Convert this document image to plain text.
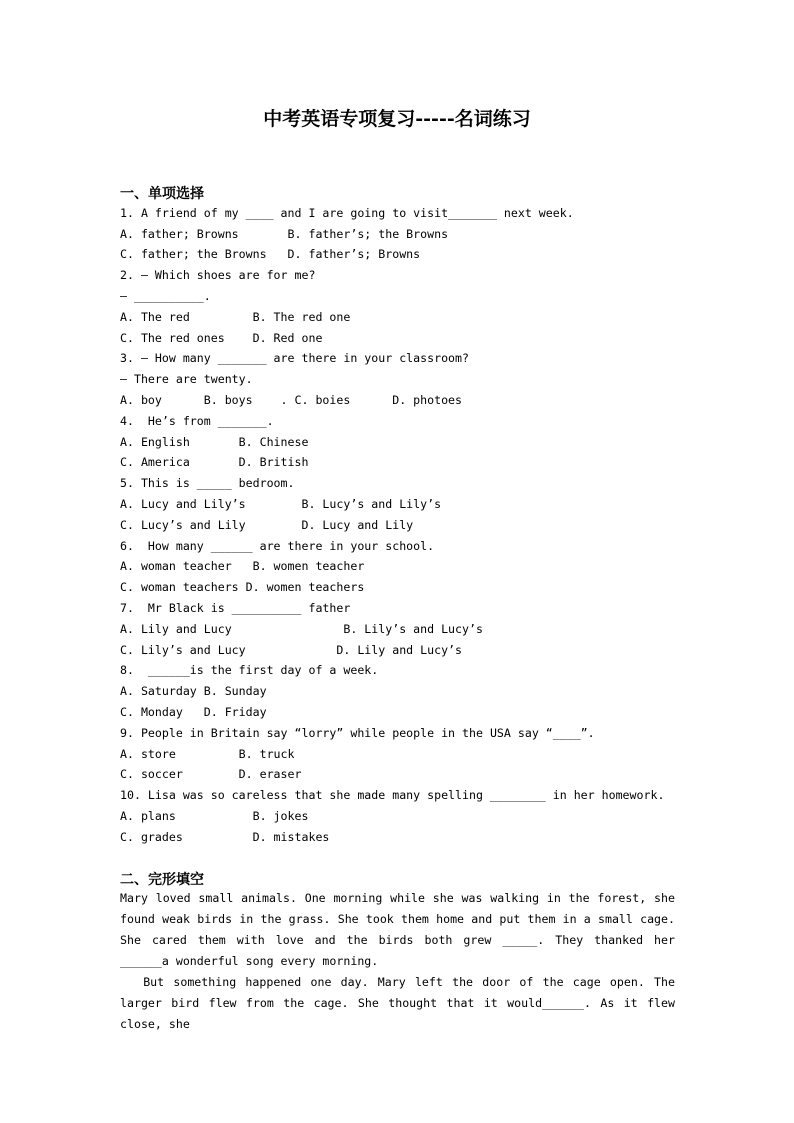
中考英语专项复习-----名词练习
一、单项选择
1. A friend of my ____ and I are going to visit_______ next week.
A. father; Browns       B. father’s; the Browns
C. father; the Browns   D. father’s; Browns
2. – Which shoes are for me?
– __________.
A. The red         B. The red one
C. The red ones    D. Red one
3. – How many _______ are there in your classroom?
– There are twenty.
A. boy      B. boys    . C. boies      D. photoes
4.  He’s from _______.
A. English       B. Chinese
C. America       D. British
5. This is _____ bedroom.
A. Lucy and Lily’s        B. Lucy’s and Lily’s
C. Lucy’s and Lily        D. Lucy and Lily
6.  How many ______ are there in your school.
A. woman teacher   B. women teacher
C. woman teachers D. women teachers
7.  Mr Black is __________ father
A. Lily and Lucy                B. Lily’s and Lucy’s
C. Lily’s and Lucy             D. Lily and Lucy’s
8.  ______is the first day of a week.
A. Saturday B. Sunday
C. Monday   D. Friday
9. People in Britain say “lorry” while people in the USA say “____”.
A. store         B. truck
C. soccer        D. eraser
10. Lisa was so careless that she made many spelling ________ in her homework.
A. plans           B. jokes
C. grades          D. mistakes
二、完形填空

Mary loved small animals. One morning while she was walking in the forest, she found weak birds in the grass. She took them home and put them in a small cage. She cared them with love and the birds both grew _____. They thanked her ______a wonderful song every morning.

But something happened one day. Mary left the door of the cage open. The larger bird flew from the cage. She thought that it would______. As it flew close, she
